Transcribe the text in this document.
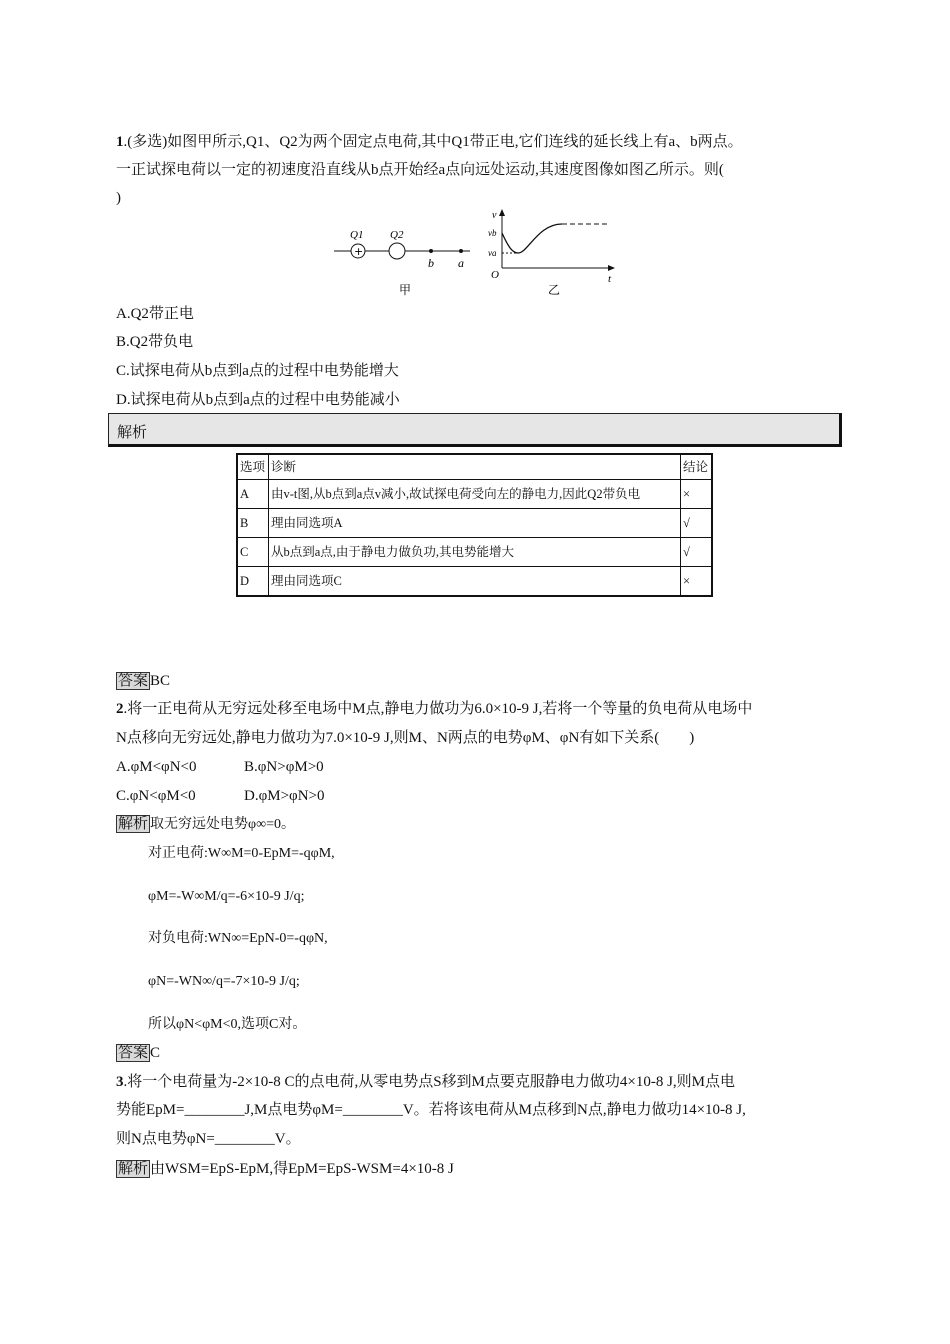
1.(多选)如图甲所示,Q1、Q2为两个固定点电荷,其中Q1带正电,它们连线的延长线上有a、b两点。
一正试探电荷以一定的初速度沿直线从b点开始经a点向远处运动,其速度图像如图乙所示。则(
)
+
Q1 Q2
b a
甲
v
t
O
vb
va
乙
A.Q2带正电
B.Q2带负电
C.试探电荷从b点到a点的过程中电势能增大
D.试探电荷从b点到a点的过程中电势能减小
解析
选项	诊断	结论
A	由v-t图,从b点到a点v减小,故试探电荷受向左的静电力,因此Q2带负电	×
B	理由同选项A	√
C	从b点到a点,由于静电力做负功,其电势能增大	√
D	理由同选项C	×
答案 BC
2.将一正电荷从无穷远处移至电场中M点,静电力做功为6.0×10-9 J,若将一个等量的负电荷从电场中
N点移向无穷远处,静电力做功为7.0×10-9 J,则M、N两点的电势φM、φN有如下关系(　　)
A.φM<φN<0	B.φN>φM>0
C.φN<φM<0	D.φM>φN>0
解析 取无穷远处电势φ∞=0。
对正电荷:W∞M=0-EpM=-qφM,
φM=-W∞M/q=-6×10-9 J/q;
对负电荷:WN∞=EpN-0=-qφN,
φN=-WN∞/q=-7×10-9 J/q;
所以φN<φM<0,选项C对。
答案 C
3.将一个电荷量为-2×10-8 C的点电荷,从零电势点S移到M点要克服静电力做功4×10-8 J,则M点电
势能EpM=________J,M点电势φM=________V。若将该电荷从M点移到N点,静电力做功14×10-8 J,
则N点电势φN=________V。
解析 由WSM=EpS-EpM,得EpM=EpS-WSM=4×10-8 J
